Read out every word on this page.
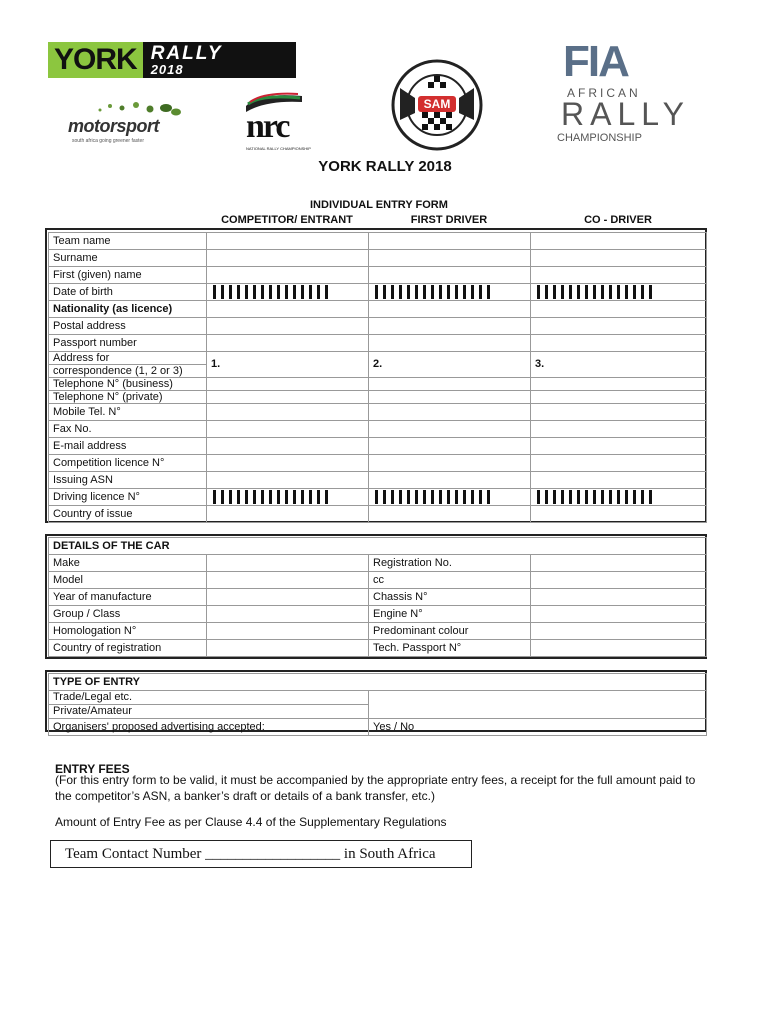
YORK RALLY
2018
motorsport
south africa going greener faster	nrc
NATIONAL RALLY CHAMPIONSHIP
SAM
FIA
AFRICAN
RALLY
CHAMPIONSHIP
YORK RALLY 2018
INDIVIDUAL ENTRY FORM
COMPETITOR/ ENTRANT	FIRST DRIVER	CO - DRIVER
Team name			
Surname			
First (given) name			
Date of birth	

Nationality (as licence)			
Postal address			
Passport number			
Address for	1.	2.	3.
correspondence (1, 2 or 3)			
Telephone N° (business)			
Telephone N° (private)			
Mobile Tel. N°			
Fax No.			
E-mail address			
Competition licence N°			
Issuing ASN			
Driving licence N°	

Country of issue			
DETAILS OF THE CAR			
Make		Registration No.	
Model		cc	
Year of manufacture		Chassis N°	
Group / Class		Engine N°	
Homologation N°		Predominant colour	
Country of registration		Tech. Passport N°	
TYPE OF ENTRY	
Trade/Legal etc.	
Private/Amateur	
Organisers' proposed advertising accepted:	Yes / No
ENTRY FEES
(For this entry form to be valid, it must be accompanied by the appropriate entry fees, a receipt for the full amount paid to the competitor’s ASN, a banker’s draft or details of a bank transfer, etc.)
Amount of Entry Fee as per Clause 4.4 of the Supplementary Regulations
Team Contact Number __________________ in South Africa
